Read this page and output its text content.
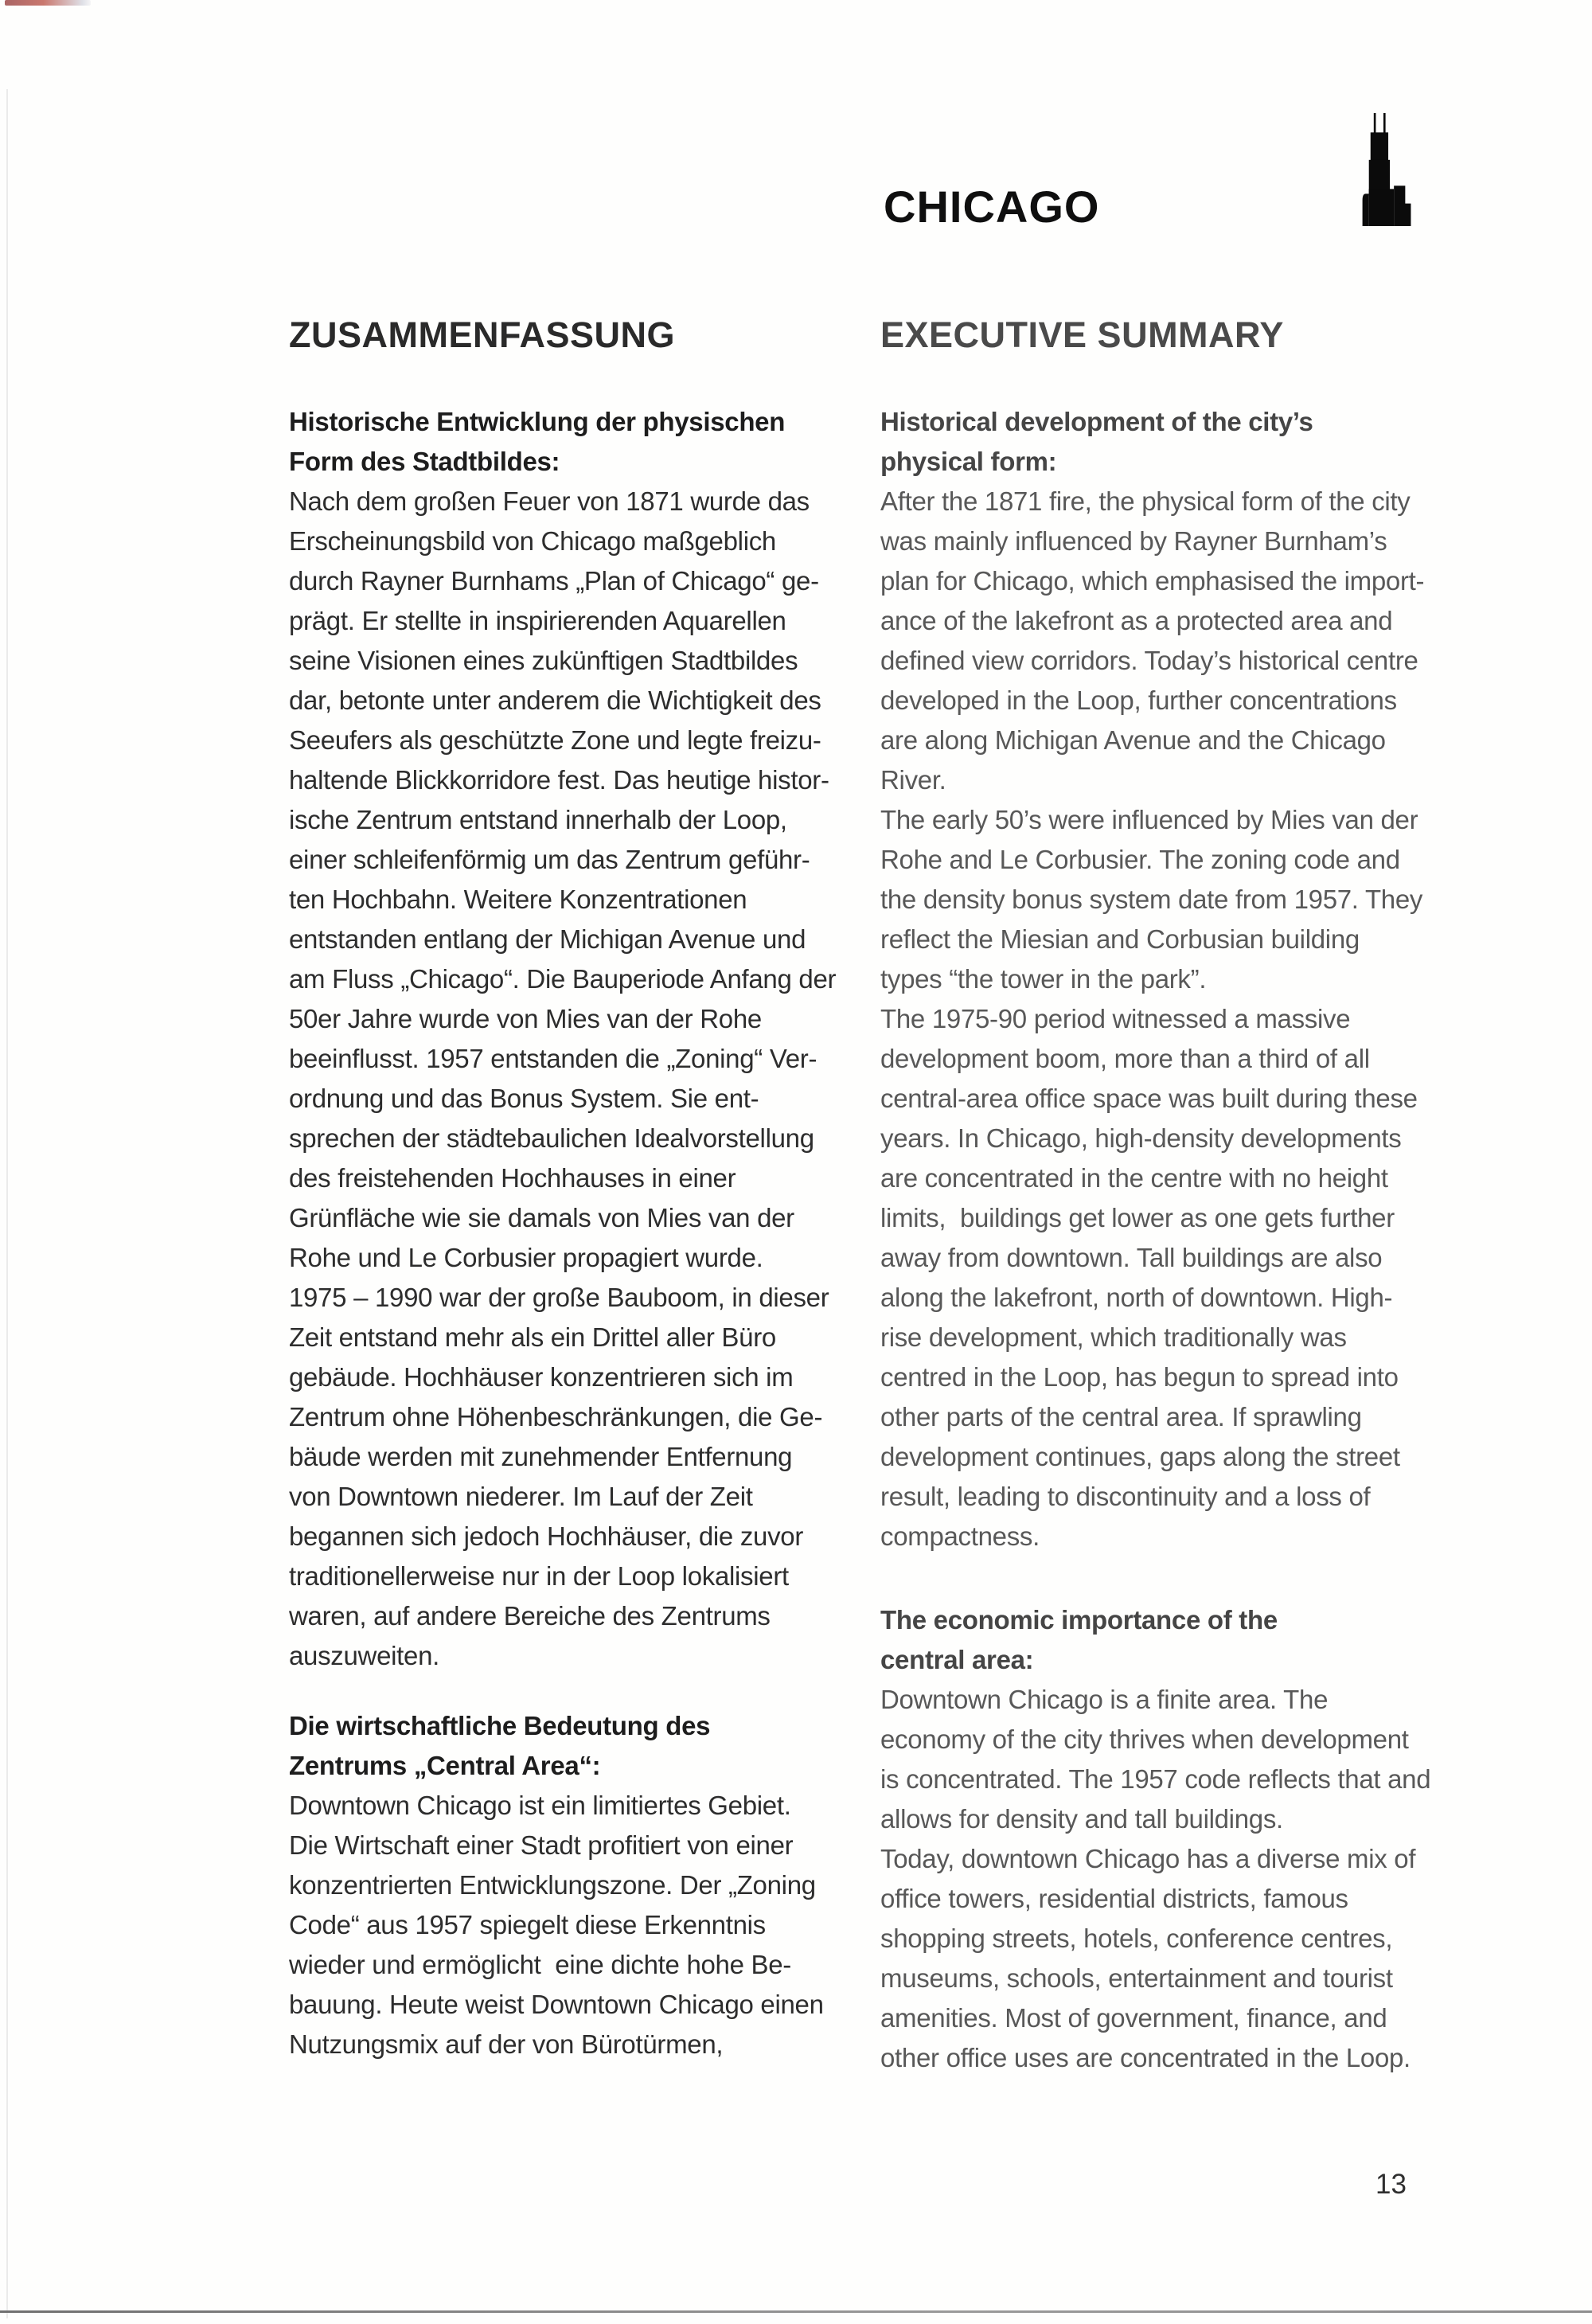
CHICAGO
ZUSAMMENFASSUNG	EXECUTIVE SUMMARY
Historische Entwicklung der physischen
Form des Stadtbildes:
Nach dem großen Feuer von 1871 wurde das
Erscheinungsbild von Chicago maßgeblich
durch Rayner Burnhams „Plan of Chicago“ ge-
prägt. Er stellte in inspirierenden Aquarellen
seine Visionen eines zukünftigen Stadtbildes
dar, betonte unter anderem die Wichtigkeit des
Seeufers als geschützte Zone und legte freizu-
haltende Blickkorridore fest. Das heutige histor-
ische Zentrum entstand innerhalb der Loop,
einer schleifenförmig um das Zentrum geführ-
ten Hochbahn. Weitere Konzentrationen
entstanden entlang der Michigan Avenue und
am Fluss „Chicago“. Die Bauperiode Anfang der
50er Jahre wurde von Mies van der Rohe
beeinflusst. 1957 entstanden die „Zoning“ Ver-
ordnung und das Bonus System. Sie ent-
sprechen der städtebaulichen Idealvorstellung
des freistehenden Hochhauses in einer
Grünfläche wie sie damals von Mies van der
Rohe und Le Corbusier propagiert wurde.
1975 – 1990 war der große Bauboom, in dieser
Zeit entstand mehr als ein Drittel aller Büro
gebäude. Hochhäuser konzentrieren sich im
Zentrum ohne Höhenbeschränkungen, die Ge-
bäude werden mit zunehmender Entfernung
von Downtown niederer. Im Lauf der Zeit
begannen sich jedoch Hochhäuser, die zuvor
traditionellerweise nur in der Loop lokalisiert
waren, auf andere Bereiche des Zentrums
auszuweiten.
Die wirtschaftliche Bedeutung des
Zentrums „Central Area“:
Downtown Chicago ist ein limitiertes Gebiet.
Die Wirtschaft einer Stadt profitiert von einer
konzentrierten Entwicklungszone. Der „Zoning
Code“ aus 1957 spiegelt diese Erkenntnis
wieder und ermöglicht  eine dichte hohe Be-
bauung. Heute weist Downtown Chicago einen
Nutzungsmix auf der von Bürotürmen,
Historical development of the city’s
physical form:
After the 1871 fire, the physical form of the city
was mainly influenced by Rayner Burnham’s
plan for Chicago, which emphasised the import-
ance of the lakefront as a protected area and
defined view corridors. Today’s historical centre
developed in the Loop, further concentrations
are along Michigan Avenue and the Chicago
River.
The early 50’s were influenced by Mies van der
Rohe and Le Corbusier. The zoning code and
the density bonus system date from 1957. They
reflect the Miesian and Corbusian building
types “the tower in the park”.
The 1975-90 period witnessed a massive
development boom, more than a third of all
central-area office space was built during these
years. In Chicago, high-density developments
are concentrated in the centre with no height
limits,  buildings get lower as one gets further
away from downtown. Tall buildings are also
along the lakefront, north of downtown. High-
rise development, which traditionally was
centred in the Loop, has begun to spread into
other parts of the central area. If sprawling
development continues, gaps along the street
result, leading to discontinuity and a loss of
compactness.
The economic importance of the
central area:
Downtown Chicago is a finite area. The
economy of the city thrives when development
is concentrated. The 1957 code reflects that and
allows for density and tall buildings.
Today, downtown Chicago has a diverse mix of
office towers, residential districts, famous
shopping streets, hotels, conference centres,
museums, schools, entertainment and tourist
amenities. Most of government, finance, and
other office uses are concentrated in the Loop.
13
